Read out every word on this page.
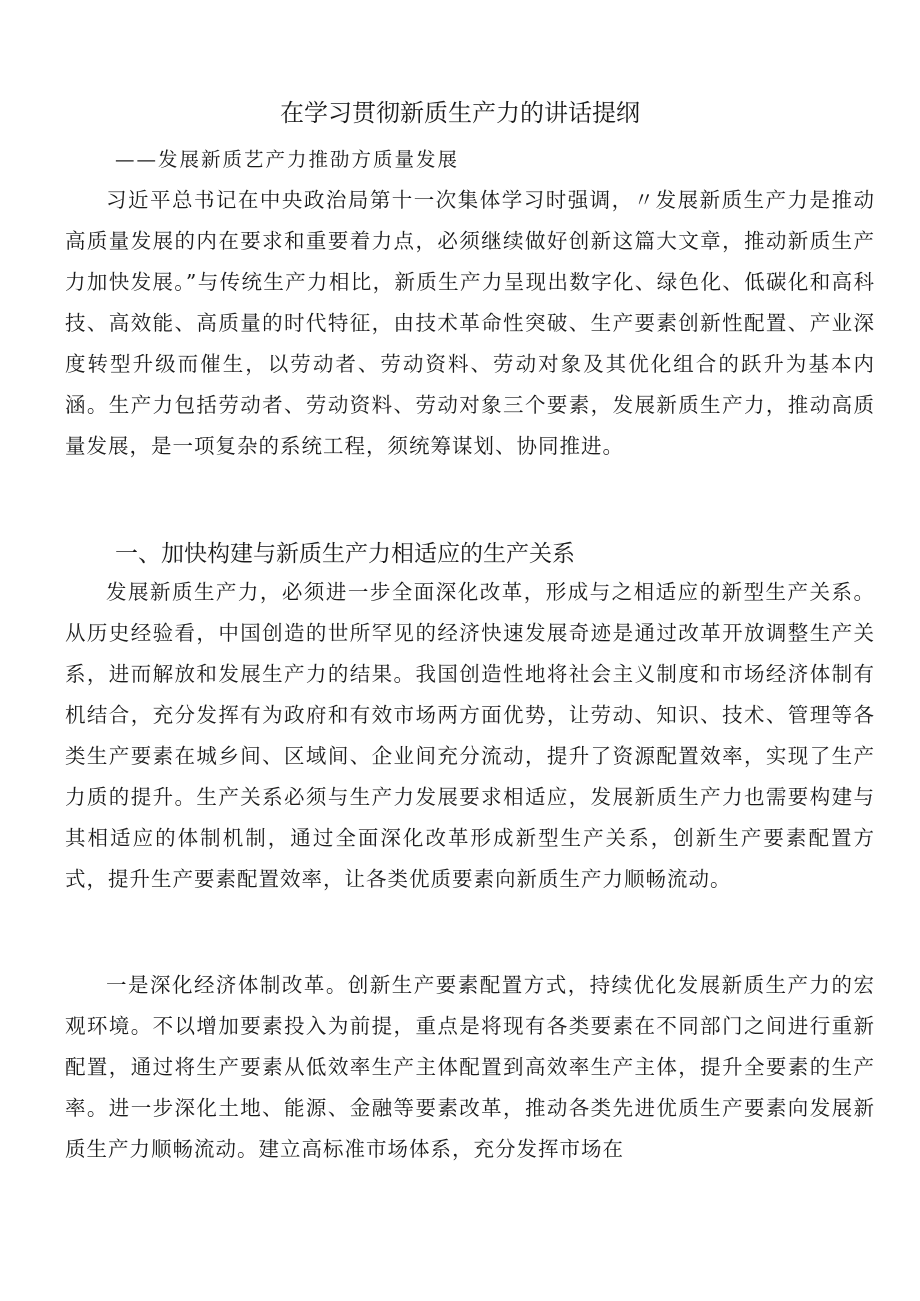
在学习贯彻新质生产力的讲话提纲
——发展新质艺产力推劭方质量发展

习近平总书记在中央政治局第十一次集体学习时强调，〃发展新质生产力是推动高质量发展的内在要求和重要着力点，必须继续做好创新这篇大文章，推动新质生产力加快发展。”与传统生产力相比，新质生产力呈现出数字化、绿色化、低碳化和高科技、高效能、高质量的时代特征，由技术革命性突破、生产要素创新性配置、产业深度转型升级而催生，以劳动者、劳动资料、劳动对象及其优化组合的跃升为基本内涵。生产力包括劳动者、劳动资料、劳动对象三个要素，发展新质生产力，推动高质量发展，是一项复杂的系统工程，须统筹谋划、协同推进。

一、加快构建与新质生产力相适应的生产关系

发展新质生产力，必须进一步全面深化改革，形成与之相适应的新型生产关系。从历史经验看，中国创造的世所罕见的经济快速发展奇迹是通过改革开放调整生产关系，进而解放和发展生产力的结果。我国创造性地将社会主义制度和市场经济体制有机结合，充分发挥有为政府和有效市场两方面优势，让劳动、知识、技术、管理等各类生产要素在城乡间、区域间、企业间充分流动，提升了资源配置效率，实现了生产力质的提升。生产关系必须与生产力发展要求相适应，发展新质生产力也需要构建与其相适应的体制机制，通过全面深化改革形成新型生产关系，创新生产要素配置方式，提升生产要素配置效率，让各类优质要素向新质生产力顺畅流动。

一是深化经济体制改革。创新生产要素配置方式，持续优化发展新质生产力的宏观环境。不以增加要素投入为前提，重点是将现有各类要素在不同部门之间进行重新配置，通过将生产要素从低效率生产主体配置到高效率生产主体，提升全要素的生产率。进一步深化土地、能源、金融等要素改革，推动各类先进优质生产要素向发展新质生产力顺畅流动。建立高标准市场体系，充分发挥市场在
